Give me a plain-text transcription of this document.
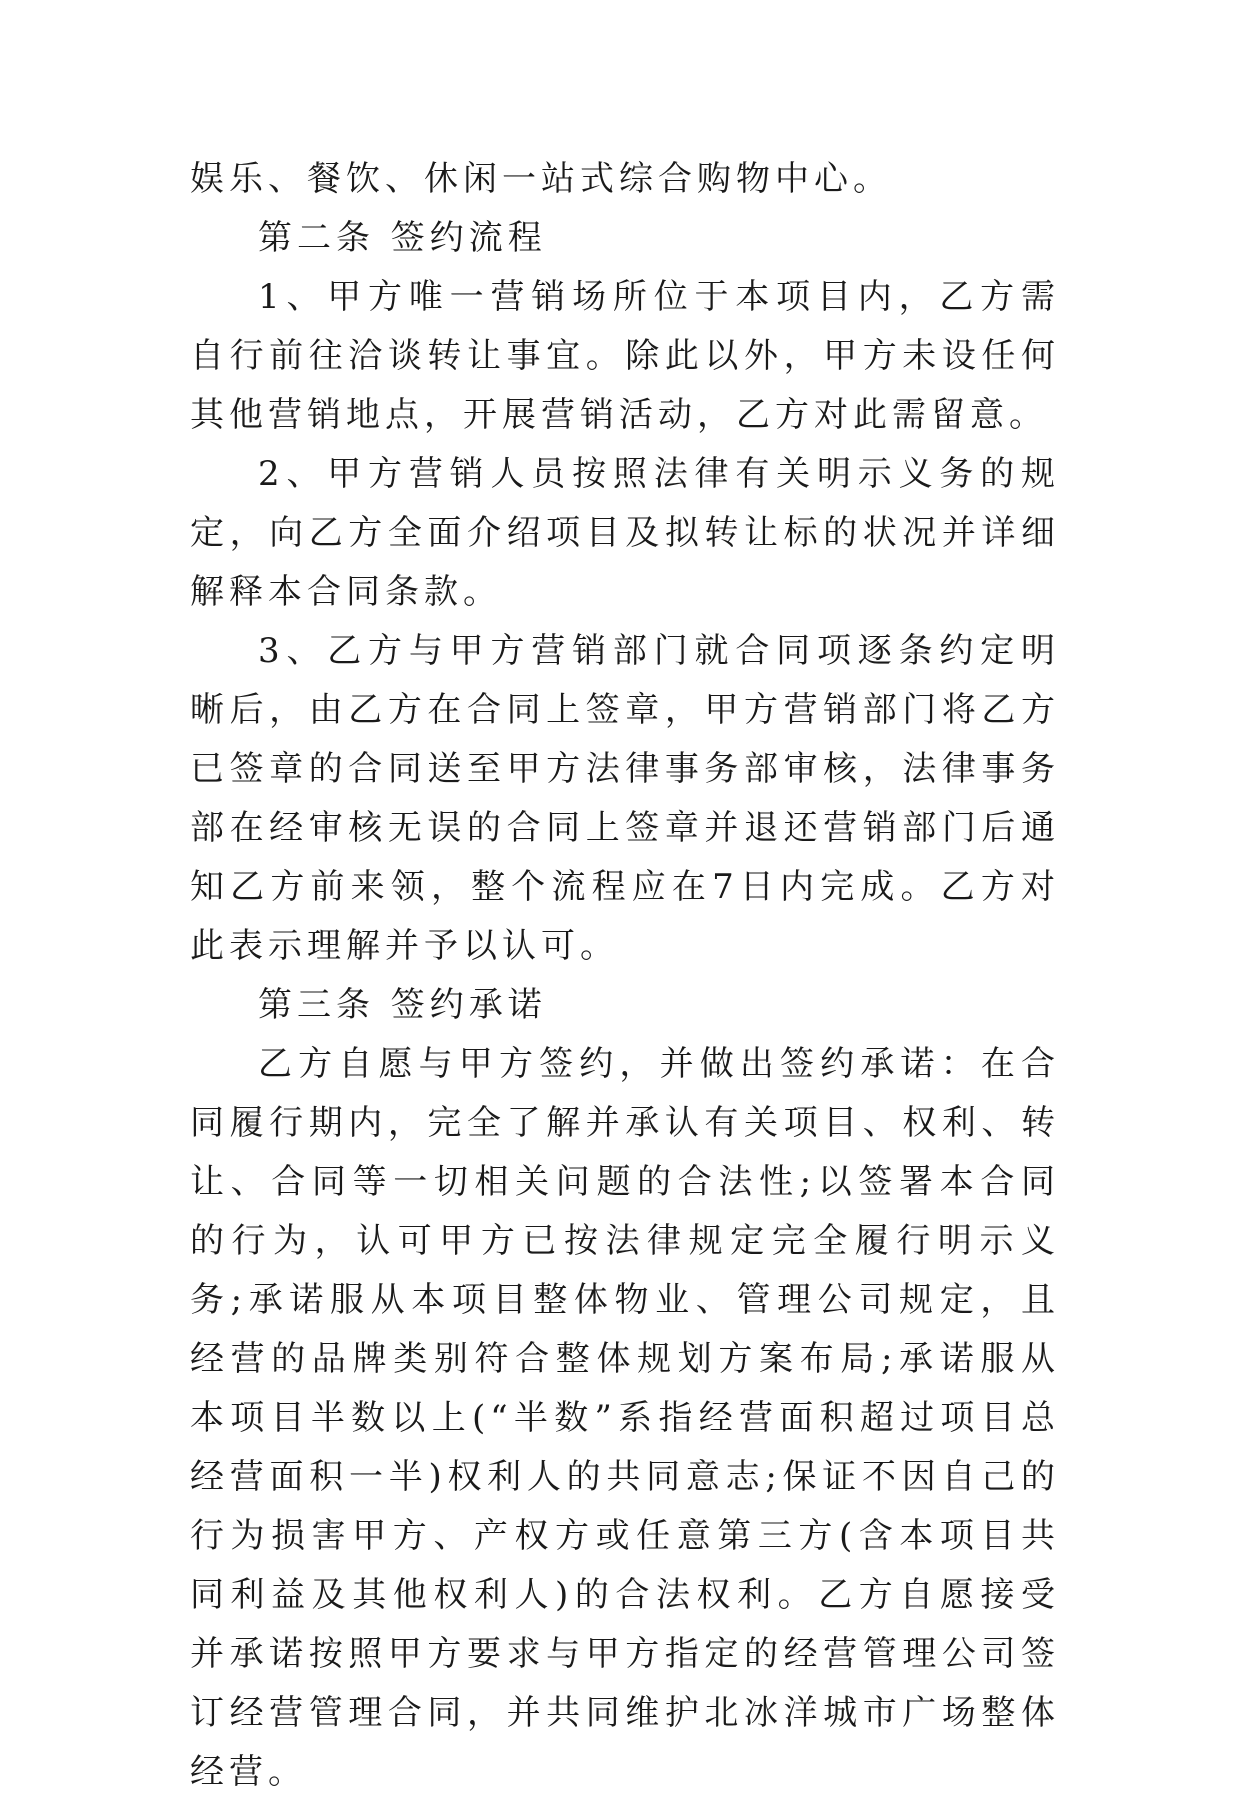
娱乐、餐饮、休闲一站式综合购物中心。

第二条 签约流程

1、甲方唯一营销场所位于本项目内，乙方需自行前往洽谈转让事宜。除此以外，甲方未设任何其他营销地点，开展营销活动，乙方对此需留意。

2、甲方营销人员按照法律有关明示义务的规定，向乙方全面介绍项目及拟转让标的状况并详细解释本合同条款。

3、乙方与甲方营销部门就合同项逐条约定明晰后，由乙方在合同上签章，甲方营销部门将乙方已签章的合同送至甲方法律事务部审核，法律事务部在经审核无误的合同上签章并退还营销部门后通知乙方前来领，整个流程应在7日内完成。乙方对此表示理解并予以认可。

第三条 签约承诺

乙方自愿与甲方签约，并做出签约承诺：在合同履行期内，完全了解并承认有关项目、权利、转让、合同等一切相关问题的合法性;以签署本合同的行为，认可甲方已按法律规定完全履行明示义务;承诺服从本项目整体物业、管理公司规定，且经营的品牌类别符合整体规划方案布局;承诺服从本项目半数以上(“半数”系指经营面积超过项目总经营面积一半)权利人的共同意志;保证不因自己的行为损害甲方、产权方或任意第三方(含本项目共同利益及其他权利人)的合法权利。乙方自愿接受并承诺按照甲方要求与甲方指定的经营管理公司签订经营管理合同，并共同维护北冰洋城市广场整体经营。
